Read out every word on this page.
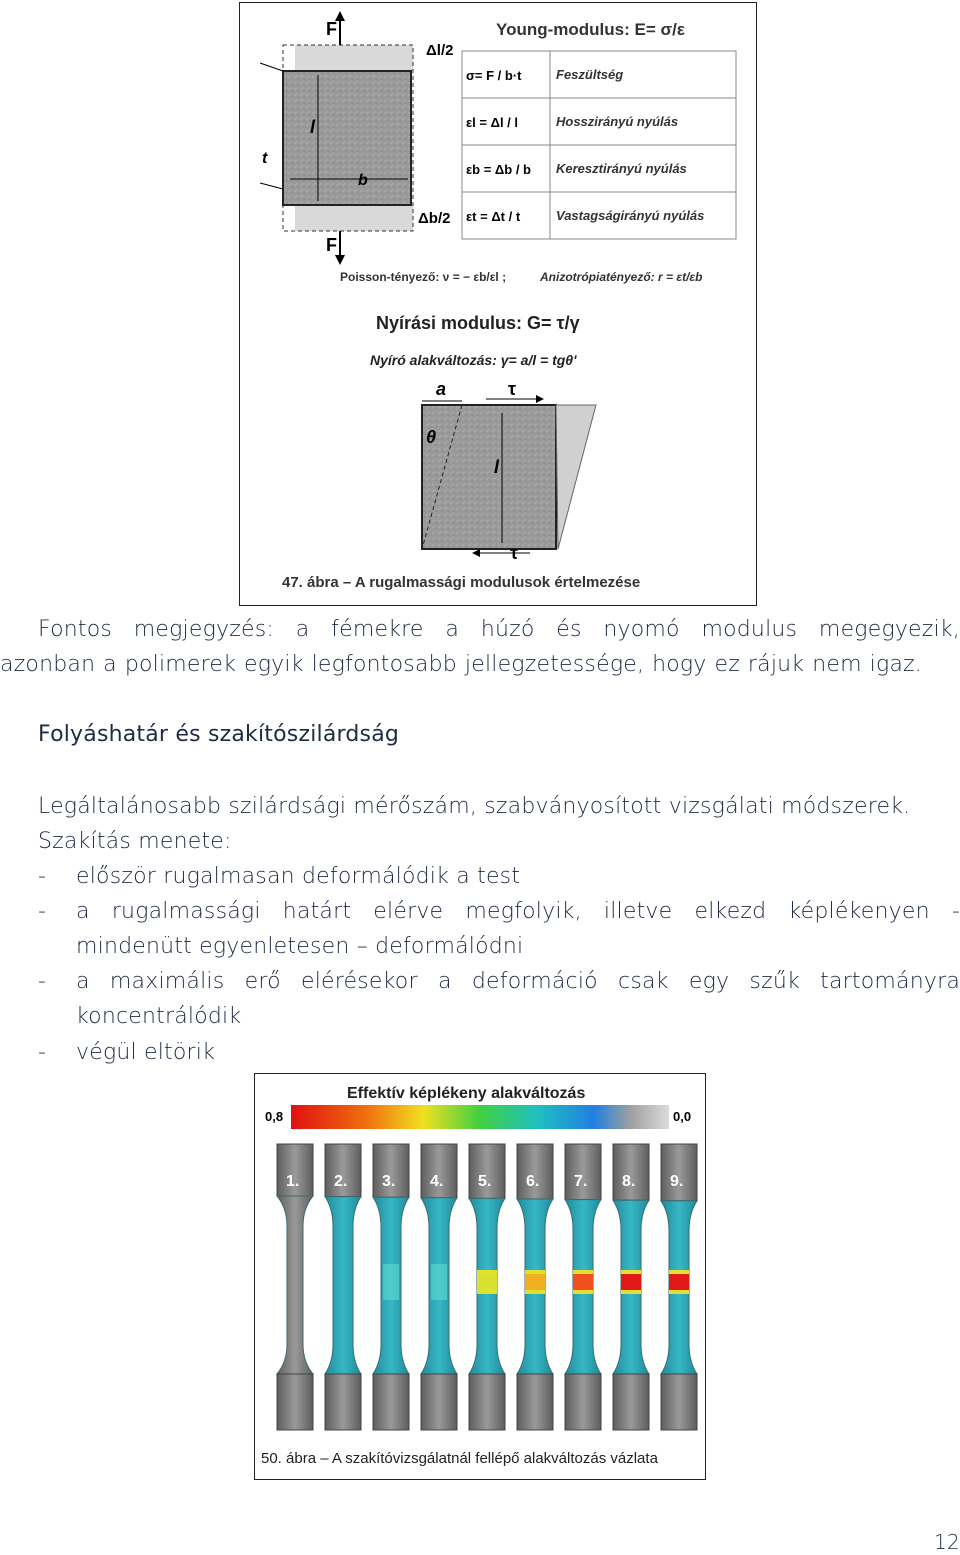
F
F
l
b
t
Δl/2
Δb/2
Young-modulus: E= σ/ε
σ= F / b·t	Feszültség
εl = Δl / l	Hosszirányú nyúlás
εb = Δb / b Keresztirányú nyúlás
εt = Δt / t	Vastagságirányú nyúlás
Poisson-tényező: ν = − εb/εl ;	Anizotrópiatényező: r = εt/εb
Nyírási modulus: G= τ/γ
Nyíró alakváltozás: γ= a/l = tgθ'
a	τ
τ
θ
l
47. ábra – A rugalmassági modulusok értelmezése
Fontos megjegyzés: a fémekre a húzó és nyomó modulus megegyezik,
azonban a polimerek egyik legfontosabb jellegzetessége, hogy ez rájuk nem igaz.
Folyáshatár és szakítószilárdság
Legáltalánosabb szilárdsági mérőszám, szabványosított vizsgálati módszerek.
Szakítás menete:
- először rugalmasan deformálódik a test
- a rugalmassági határt elérve megfolyik, illetve elkezd képlékenyen -
mindenütt egyenletesen – deformálódni
- a maximális erő elérésekor a deformáció csak egy szűk tartományra
koncentrálódik
- végül eltörik
Effektív képlékeny alakváltozás
0,8	0,0
1. 2. 3. 4. 5. 6. 7. 8. 9.
50. ábra – A szakítóvizsgálatnál fellépő alakváltozás vázlata
12
